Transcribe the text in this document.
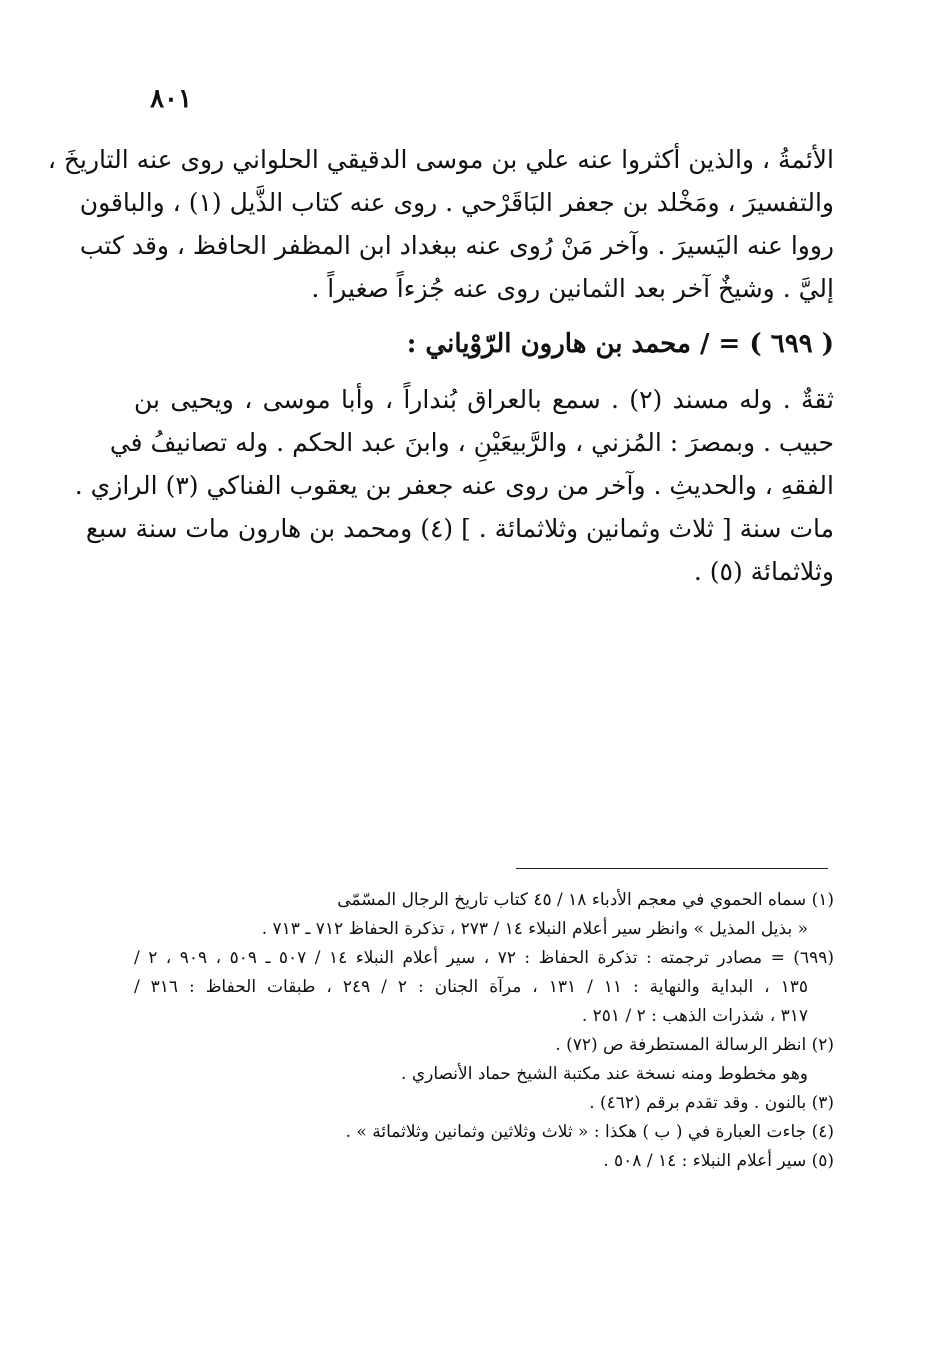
٨٠١
الأئمةُ ، والذين أكثروا عنه علي بن موسى الدقيقي الحلواني روى عنه التاريخَ ،
والتفسيرَ ، ومَخْلد بن جعفر البَاقَرْحي . روى عنه كتاب الذَّيل (١) ، والباقون
رووا عنه اليَسيرَ . وآخر مَنْ رُوى عنه ببغداد ابن المظفر الحافظ ، وقد كتب
إليَّ . وشيخٌ آخر بعد الثمانين روى عنه جُزءاً صغيراً .
( ٦٩٩ ) = / محمد بن هارون الرّوْياني :
ثقةٌ . وله مسند (٢) . سمع بالعراق بُنداراً ، وأبا موسى ، ويحيى بن
حبيب . وبمصرَ : المُزني ، والرَّبيعَيْنِ ، وابنَ عبد الحكم . وله تصانيفُ في
الفقهِ ، والحديثِ . وآخر من روى عنه جعفر بن يعقوب الفناكي (٣) الرازي .
مات سنة [ ثلاث وثمانين وثلاثمائة . ] (٤) ومحمد بن هارون مات سنة سبع
وثلاثمائة (٥) .
(١) سماه الحموي في معجم الأدباء ١٨ / ٤٥ كتاب تاريخ الرجال المسّمّى
« بذيل المذيل » وانظر سير أعلام النبلاء ١٤ / ٢٧٣ ، تذكرة الحفاظ ٧١٢ ـ ٧١٣ .
(٦٩٩) = مصادر ترجمته : تذكرة الحفاظ : ٧٢ ، سير أعلام النبلاء ١٤ / ٥٠٧ ـ ٥٠٩ ، ٩٠٩ ، ٢ /
١٣٥ ، البداية والنهاية : ١١ / ١٣١ ، مرآة الجنان : ٢ / ٢٤٩ ، طبقات الحفاظ : ٣١٦ /
٣١٧ ، شذرات الذهب : ٢ / ٢٥١ .
(٢) انظر الرسالة المستطرفة ص (٧٢) .
وهو مخطوط ومنه نسخة عند مكتبة الشيخ حماد الأنصاري .
(٣) بالنون . وقد تقدم برقم (٤٦٢) .
(٤) جاءت العبارة في ( ب ) هكذا : « ثلاث وثلاثين وثمانين وثلاثمائة » .
(٥) سير أعلام النبلاء : ١٤ / ٥٠٨ .
